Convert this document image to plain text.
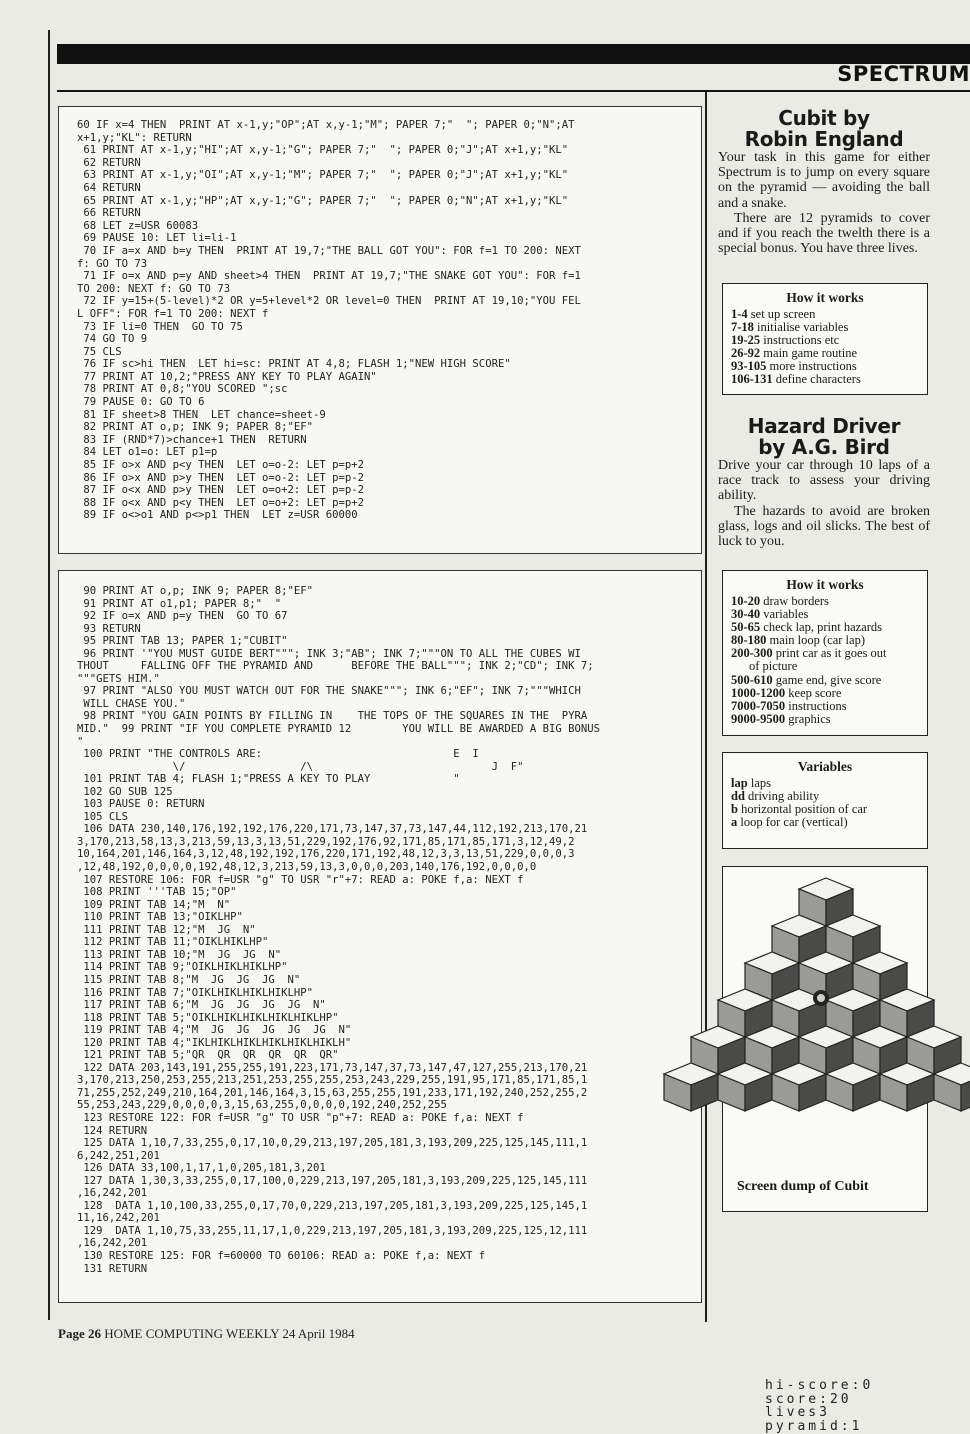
SPECTRUM
60 IF x=4 THEN  PRINT AT x-1,y;"OP";AT x,y-1;"M"; PAPER 7;"  "; PAPER 0;"N";AT
x+1,y;"KL": RETURN
61 PRINT AT x-1,y;"HI";AT x,y-1;"G"; PAPER 7;"  "; PAPER 0;"J";AT x+1,y;"KL"
62 RETURN
63 PRINT AT x-1,y;"OI";AT x,y-1;"M"; PAPER 7;"  "; PAPER 0;"J";AT x+1,y;"KL"
64 RETURN
65 PRINT AT x-1,y;"HP";AT x,y-1;"G"; PAPER 7;"  "; PAPER 0;"N";AT x+1,y;"KL"
66 RETURN
68 LET z=USR 60083
69 PAUSE 10: LET li=li-1
70 IF a=x AND b=y THEN  PRINT AT 19,7;"THE BALL GOT YOU": FOR f=1 TO 200: NEXT
f: GO TO 73
71 IF o=x AND p=y AND sheet>4 THEN  PRINT AT 19,7;"THE SNAKE GOT YOU": FOR f=1
TO 200: NEXT f: GO TO 73
72 IF y=15+(5-level)*2 OR y=5+level*2 OR level=0 THEN  PRINT AT 19,10;"YOU FEL
L OFF": FOR f=1 TO 200: NEXT f
73 IF li=0 THEN  GO TO 75
74 GO TO 9
75 CLS
76 IF sc>hi THEN  LET hi=sc: PRINT AT 4,8; FLASH 1;"NEW HIGH SCORE"
77 PRINT AT 10,2;"PRESS ANY KEY TO PLAY AGAIN"
78 PRINT AT 0,8;"YOU SCORED ";sc
79 PAUSE 0: GO TO 6
81 IF sheet>8 THEN  LET chance=sheet-9
82 PRINT AT o,p; INK 9; PAPER 8;"EF"
83 IF (RND*7)>chance+1 THEN  RETURN
84 LET o1=o: LET p1=p
85 IF o>x AND p<y THEN  LET o=o-2: LET p=p+2
86 IF o>x AND p>y THEN  LET o=o-2: LET p=p-2
87 IF o<x AND p>y THEN  LET o=o+2: LET p=p-2
88 IF o<x AND p<y THEN  LET o=o+2: LET p=p+2
89 IF o<>o1 AND p<>p1 THEN  LET z=USR 60000
90 PRINT AT o,p; INK 9; PAPER 8;"EF"
91 PRINT AT o1,p1; PAPER 8;"  "
92 IF o=x AND p=y THEN  GO TO 67
93 RETURN
95 PRINT TAB 13; PAPER 1;"CUBIT"
96 PRINT '"YOU MUST GUIDE BERT"""; INK 3;"AB"; INK 7;"""ON TO ALL THE CUBES WI
THOUT     FALLING OFF THE PYRAMID AND      BEFORE THE BALL"""; INK 2;"CD"; INK 7;
"""GETS HIM."
97 PRINT "ALSO YOU MUST WATCH OUT FOR THE SNAKE"""; INK 6;"EF"; INK 7;"""WHICH
WILL CHASE YOU."
98 PRINT "YOU GAIN POINTS BY FILLING IN    THE TOPS OF THE SQUARES IN THE  PYRA
MID."  99 PRINT "IF YOU COMPLETE PYRAMID 12        YOU WILL BE AWARDED A BIG BONUS
"
100 PRINT "THE CONTROLS ARE:                              E  I
\/                  /\                            J  F"
101 PRINT TAB 4; FLASH 1;"PRESS A KEY TO PLAY             "
102 GO SUB 125
103 PAUSE 0: RETURN
105 CLS
106 DATA 230,140,176,192,192,176,220,171,73,147,37,73,147,44,112,192,213,170,21
3,170,213,58,13,3,213,59,13,3,13,51,229,192,176,92,171,85,171,85,171,3,12,49,2
10,164,201,146,164,3,12,48,192,192,176,220,171,192,48,12,3,3,13,51,229,0,0,0,3
,12,48,192,0,0,0,0,192,48,12,3,213,59,13,3,0,0,0,203,140,176,192,0,0,0,0
107 RESTORE 106: FOR f=USR "g" TO USR "r"+7: READ a: POKE f,a: NEXT f
108 PRINT '''TAB 15;"OP"
109 PRINT TAB 14;"M  N"
110 PRINT TAB 13;"OIKLHP"
111 PRINT TAB 12;"M  JG  N"
112 PRINT TAB 11;"OIKLHIKLHP"
113 PRINT TAB 10;"M  JG  JG  N"
114 PRINT TAB 9;"OIKLHIKLHIKLHP"
115 PRINT TAB 8;"M  JG  JG  JG  N"
116 PRINT TAB 7;"OIKLHIKLHIKLHIKLHP"
117 PRINT TAB 6;"M  JG  JG  JG  JG  N"
118 PRINT TAB 5;"OIKLHIKLHIKLHIKLHIKLHP"
119 PRINT TAB 4;"M  JG  JG  JG  JG  JG  N"
120 PRINT TAB 4;"IKLHIKLHIKLHIKLHIKLHIKLH"
121 PRINT TAB 5;"QR  QR  QR  QR  QR  QR"
122 DATA 203,143,191,255,255,191,223,171,73,147,37,73,147,47,127,255,213,170,21
3,170,213,250,253,255,213,251,253,255,255,253,243,229,255,191,95,171,85,171,85,1
71,255,252,249,210,164,201,146,164,3,15,63,255,255,191,233,171,192,240,252,255,2
55,253,243,229,0,0,0,0,3,15,63,255,0,0,0,0,192,240,252,255
123 RESTORE 122: FOR f=USR "g" TO USR "p"+7: READ a: POKE f,a: NEXT f
124 RETURN
125 DATA 1,10,7,33,255,0,17,10,0,29,213,197,205,181,3,193,209,225,125,145,111,1
6,242,251,201
126 DATA 33,100,1,17,1,0,205,181,3,201
127 DATA 1,30,3,33,255,0,17,100,0,229,213,197,205,181,3,193,209,225,125,145,111
,16,242,201
128  DATA 1,10,100,33,255,0,17,70,0,229,213,197,205,181,3,193,209,225,125,145,1
11,16,242,201
129  DATA 1,10,75,33,255,11,17,1,0,229,213,197,205,181,3,193,209,225,125,12,111
,16,242,201
130 RESTORE 125: FOR f=60000 TO 60106: READ a: POKE f,a: NEXT f
131 RETURN
Cubit by
Robin England

Your task in this game for either Spectrum is to jump on every square on the pyramid — avoiding the ball and a snake.

There are 12 pyramids to cover and if you reach the twelth there is a special bonus. You have three lives.

How it works
1-4 set up screen
7-18 initialise variables
19-25 instructions etc
26-92 main game routine
93-105 more instructions
106-131 define characters
Hazard Driver
by A.G. Bird

Drive your car through 10 laps of a race track to assess your driving ability.

The hazards to avoid are broken glass, logs and oil slicks. The best of luck to you.

How it works
10-20 draw borders
30-40 variables
50-65 check lap, print hazards
80-180 main loop (car lap)
200-300 print car as it goes out
of picture
500-610 game end, give score
1000-1200 keep score
7000-7050 instructions
9000-9500 graphics
Variables
lap laps
dd driving ability
b horizontal position of car
a loop for car (vertical)
hi-score:0
score:20
lives3
pyramid:1
Screen dump of Cubit
Page 26 HOME COMPUTING WEEKLY 24 April 1984
